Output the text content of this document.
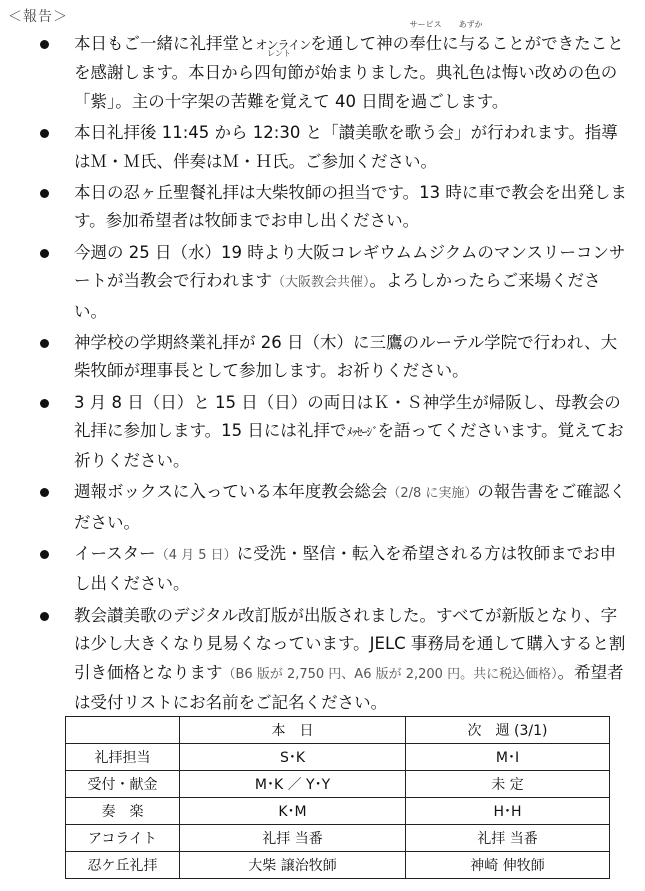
＜報告＞
本日もご一緒に礼拝堂とオンラインを通して神の
サービス
奉仕に
あずか
与ることができたことを感謝します。本日から
レント
四旬節が始まりました。典礼色は悔い改めの色の「紫」。主の十字架の苦難を覚えて 40 日間を過ごします。
本日礼拝後 11:45 から 12:30 と「讃美歌を歌う会」が行われます。指導はＭ・Ｍ氏、伴奏はＭ・Ｈ氏。ご参加ください。
本日の忍ヶ丘聖餐礼拝は大柴牧師の担当です。13 時に車で教会を出発します。参加希望者は牧師までお申し出ください。
今週の 25 日（水）19 時より大阪コレギウムムジクムのマンスリーコンサートが当教会で行われます（大阪教会共催）。よろしかったらご来場ください。
神学校の学期終業礼拝が 26 日（木）に三鷹のルーテル学院で行われ、大柴牧師が理事長として参加します。お祈りください。
3 月 8 日（日）と 15 日（日）の両日はＫ・Ｓ神学生が帰阪し、母教会の礼拝に参加します。15 日には礼拝でﾒｯｾｰｼﾞを語ってくださいます。覚えてお祈りください。
週報ボックスに入っている本年度教会総会（2/8 に実施）の報告書をご確認ください。
イースター（4 月 5 日）に受洗・堅信・転入を希望される方は牧師までお申し出ください。
教会讃美歌のデジタル改訂版が出版されました。すべてが新版となり、字は少し大きくなり見易くなっています。JELC 事務局を通して購入すると割引き価格となります（B6 版が 2,750 円、A6 版が 2,200 円。共に税込価格）。希望者は受付リストにお名前をご記名ください。
	本　日	次　週 (3/1)
礼拝担当	S･K	M･I
受付・献金	M･K ／ Y･Y	未 定
奏　楽	K･M	H･H
アコライト	礼拝 当番	礼拝 当番
忍ケ丘礼拝	大柴 譲治牧師	神崎 伸牧師
